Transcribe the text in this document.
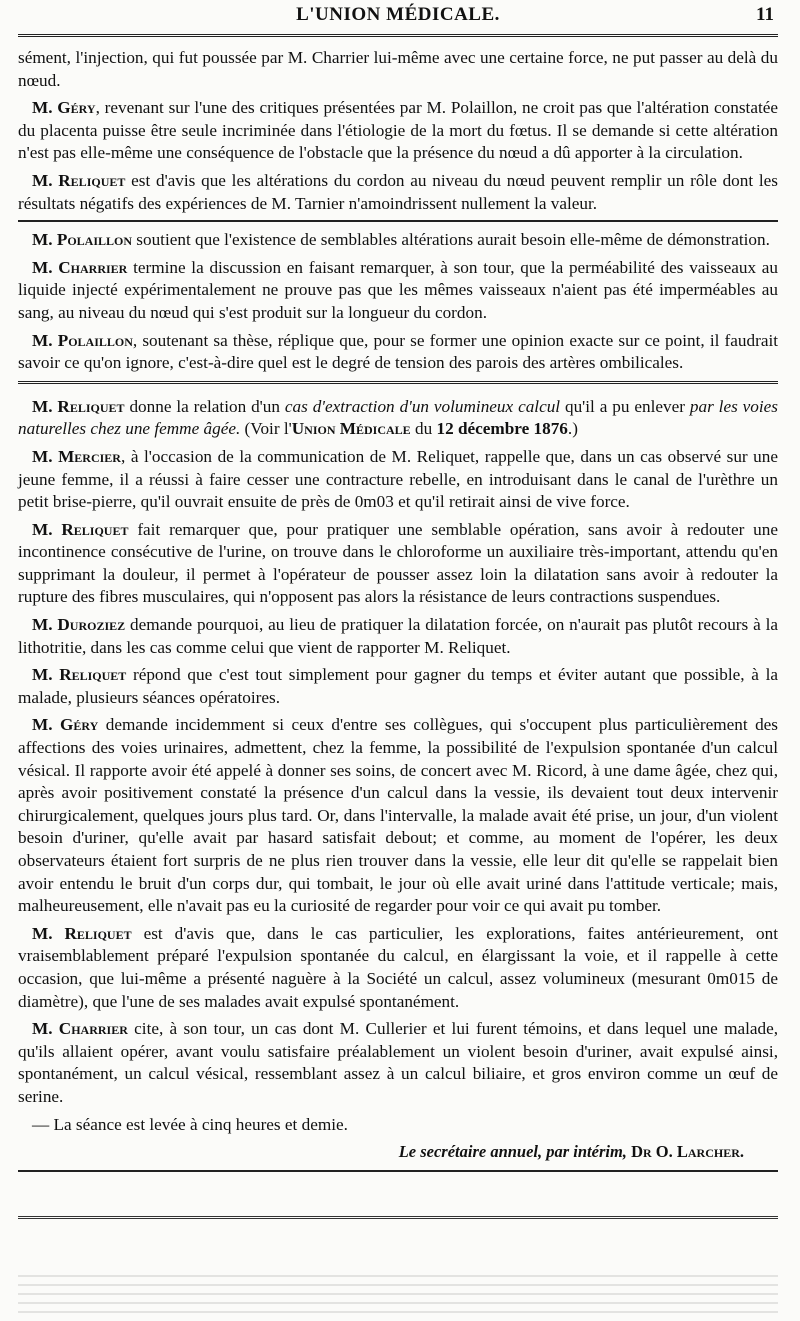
L'UNION MÉDICALE.	11

sément, l'injection, qui fut poussée par M. Charrier lui-même avec une certaine force, ne put passer au delà du nœud.

M. Géry, revenant sur l'une des critiques présentées par M. Polaillon, ne croit pas que l'altération constatée du placenta puisse être seule incriminée dans l'étiologie de la mort du fœtus. Il se demande si cette altération n'est pas elle-même une conséquence de l'obstacle que la présence du nœud a dû apporter à la circulation.

M. Reliquet est d'avis que les altérations du cordon au niveau du nœud peuvent remplir un rôle dont les résultats négatifs des expériences de M. Tarnier n'amoindrissent nullement la valeur.

M. Polaillon soutient que l'existence de semblables altérations aurait besoin elle-même de démonstration.

M. Charrier termine la discussion en faisant remarquer, à son tour, que la perméabilité des vaisseaux au liquide injecté expérimentalement ne prouve pas que les mêmes vaisseaux n'aient pas été imperméables au sang, au niveau du nœud qui s'est produit sur la longueur du cordon.

M. Polaillon, soutenant sa thèse, réplique que, pour se former une opinion exacte sur ce point, il faudrait savoir ce qu'on ignore, c'est-à-dire quel est le degré de tension des parois des artères ombilicales.

M. Reliquet donne la relation d'un cas d'extraction d'un volumineux calcul qu'il a pu enlever par les voies naturelles chez une femme âgée. (Voir l'Union Médicale du 12 décembre 1876.)

M. Mercier, à l'occasion de la communication de M. Reliquet, rappelle que, dans un cas observé sur une jeune femme, il a réussi à faire cesser une contracture rebelle, en introduisant dans le canal de l'urèthre un petit brise-pierre, qu'il ouvrait ensuite de près de 0m03 et qu'il retirait ainsi de vive force.

M. Reliquet fait remarquer que, pour pratiquer une semblable opération, sans avoir à redouter une incontinence consécutive de l'urine, on trouve dans le chloroforme un auxiliaire très-important, attendu qu'en supprimant la douleur, il permet à l'opérateur de pousser assez loin la dilatation sans avoir à redouter la rupture des fibres musculaires, qui n'opposent pas alors la résistance de leurs contractions suspendues.

M. Duroziez demande pourquoi, au lieu de pratiquer la dilatation forcée, on n'aurait pas plutôt recours à la lithotritie, dans les cas comme celui que vient de rapporter M. Reliquet.

M. Reliquet répond que c'est tout simplement pour gagner du temps et éviter autant que possible, à la malade, plusieurs séances opératoires.

M. Géry demande incidemment si ceux d'entre ses collègues, qui s'occupent plus particulièrement des affections des voies urinaires, admettent, chez la femme, la possibilité de l'expulsion spontanée d'un calcul vésical. Il rapporte avoir été appelé à donner ses soins, de concert avec M. Ricord, à une dame âgée, chez qui, après avoir positivement constaté la présence d'un calcul dans la vessie, ils devaient tout deux intervenir chirurgicalement, quelques jours plus tard. Or, dans l'intervalle, la malade avait été prise, un jour, d'un violent besoin d'uriner, qu'elle avait par hasard satisfait debout; et comme, au moment de l'opérer, les deux observateurs étaient fort surpris de ne plus rien trouver dans la vessie, elle leur dit qu'elle se rappelait bien avoir entendu le bruit d'un corps dur, qui tombait, le jour où elle avait uriné dans l'attitude verticale; mais, malheureusement, elle n'avait pas eu la curiosité de regarder pour voir ce qui avait pu tomber.

M. Reliquet est d'avis que, dans le cas particulier, les explorations, faites antérieurement, ont vraisemblablement préparé l'expulsion spontanée du calcul, en élargissant la voie, et il rappelle à cette occasion, que lui-même a présenté naguère à la Société un calcul, assez volumineux (mesurant 0m015 de diamètre), que l'une de ses malades avait expulsé spontanément.

M. Charrier cite, à son tour, un cas dont M. Cullerier et lui furent témoins, et dans lequel une malade, qu'ils allaient opérer, avant voulu satisfaire préalablement un violent besoin d'uriner, avait expulsé ainsi, spontanément, un calcul vésical, ressemblant assez à un calcul biliaire, et gros environ comme un œuf de serine.

— La séance est levée à cinq heures et demie.

Le secrétaire annuel, par intérim, Dr O. Larcher.
